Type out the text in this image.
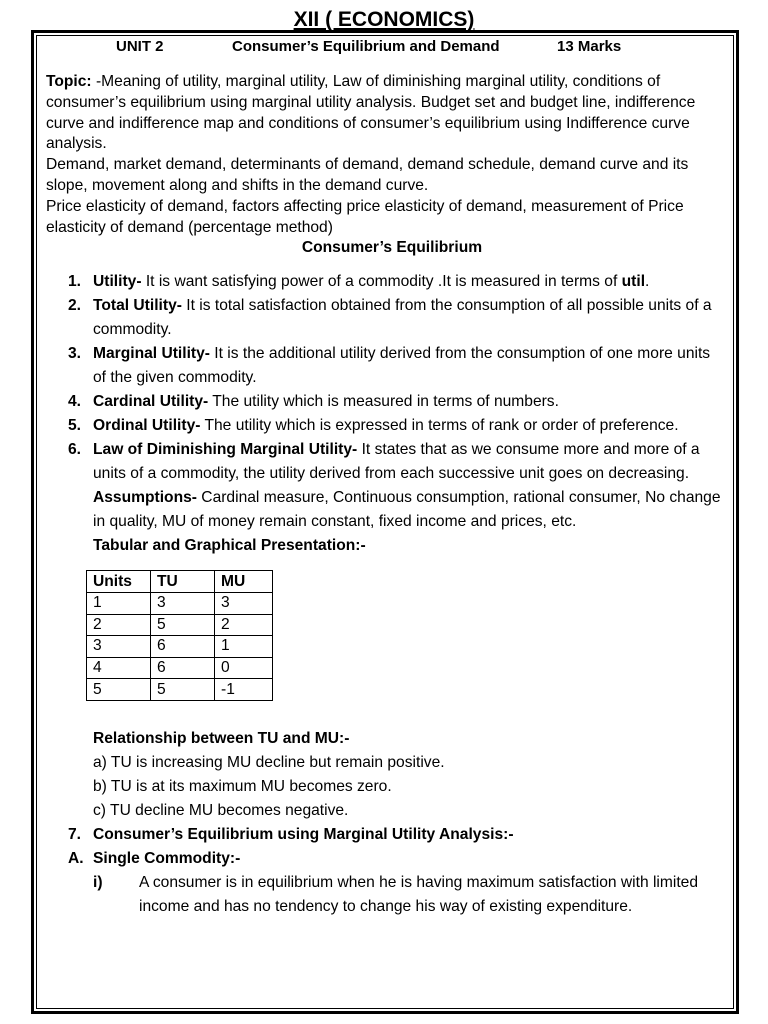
XII ( ECONOMICS)
UNIT 2	Consumer’s Equilibrium and Demand	13 Marks

Topic: -Meaning of utility, marginal utility, Law of diminishing marginal utility, conditions of consumer’s equilibrium using marginal utility analysis. Budget set and budget line, indifference curve and indifference map and conditions of consumer’s equilibrium using Indifference curve analysis.

Demand, market demand, determinants of demand, demand schedule, demand curve and its slope, movement along and shifts in the demand curve.

Price elasticity of demand, factors affecting price elasticity of demand, measurement of Price elasticity of demand (percentage method)

Consumer’s Equilibrium
1. Utility- It is want satisfying power of a commodity .It is measured in terms of util.
2. Total Utility- It is total satisfaction obtained from the consumption of all possible units of a commodity.
3. Marginal Utility- It is the additional utility derived from the consumption of one more units of the given commodity.
4. Cardinal Utility- The utility which is measured in terms of numbers.
5. Ordinal Utility- The utility which is expressed in terms of rank or order of preference.
6. Law of Diminishing Marginal Utility- It states that as we consume more and more of a units of a commodity, the utility derived from each successive unit goes on decreasing.
Assumptions- Cardinal measure, Continuous consumption, rational consumer, No change in quality, MU of money remain constant, fixed income and prices, etc.
Tabular and Graphical Presentation:-
Units	TU	MU
1	3	3
2	5	2
3	6	1
4	6	0
5	5	-1
Relationship between TU and MU:-
a) TU is increasing MU decline but remain positive.
b) TU is at its maximum MU becomes zero.
c) TU decline MU becomes negative.
7. Consumer’s Equilibrium using Marginal Utility Analysis:-
A. Single Commodity:-
i) A consumer is in equilibrium when he is having maximum satisfaction with limited income and has no tendency to change his way of existing expenditure.
